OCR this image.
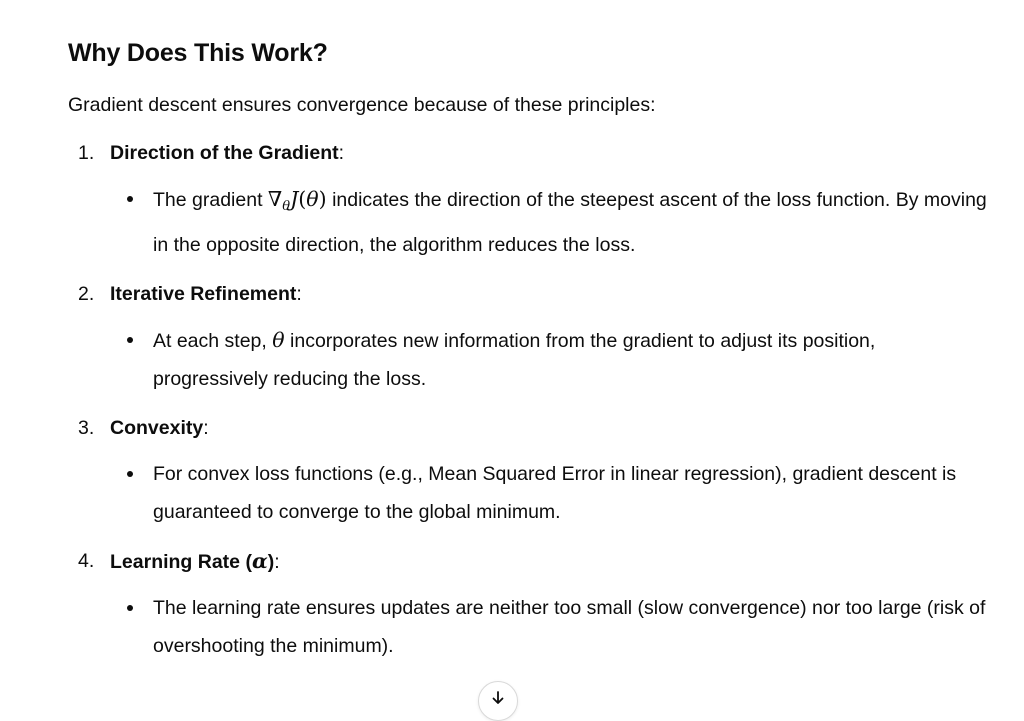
Why Does This Work?

Gradient descent ensures convergence because of these principles:

1. Direction of the Gradient:
The gradient $\nabla_\theta J(\theta)$ indicates the direction of the steepest ascent of the loss function. By moving in the opposite direction, the algorithm reduces the loss.
2. Iterative Refinement:
At each step, θ incorporates new information from the gradient to adjust its position, progressively reducing the loss.
3. Convexity:
For convex loss functions (e.g., Mean Squared Error in linear regression), gradient descent is guaranteed to converge to the global minimum.
4. Learning Rate (α):
The learning rate ensures updates are neither too small (slow convergence) nor too large (risk of overshooting the minimum).
